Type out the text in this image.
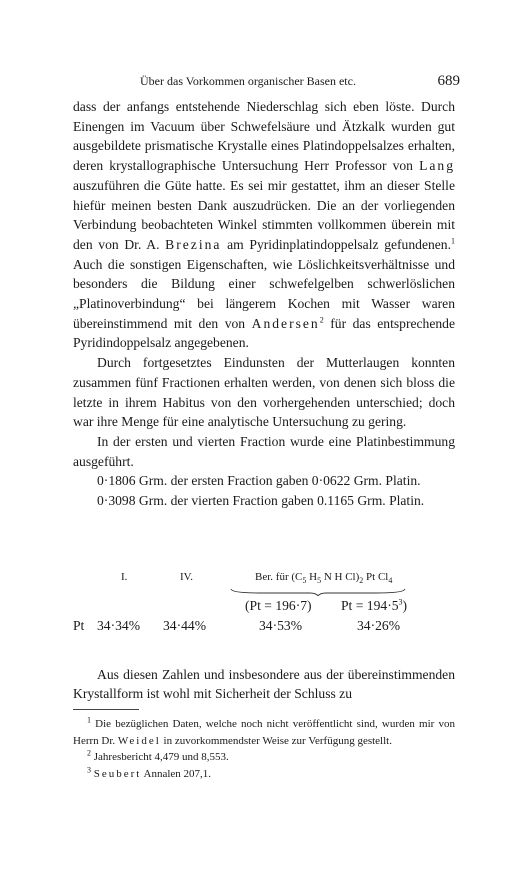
Über das Vorkommen organischer Basen etc.	689

dass der anfangs entstehende Niederschlag sich eben löste. Durch Einengen im Vacuum über Schwefelsäure und Ätzkalk wurden gut ausgebildete prismatische Krystalle eines Platindoppelsalzes erhalten, deren krystallographische Untersuchung Herr Professor von Lang auszuführen die Güte hatte. Es sei mir gestattet, ihm an dieser Stelle hiefür meinen besten Dank auszudrücken. Die an der vorliegenden Verbindung beobachteten Winkel stimmten vollkommen überein mit den von Dr. A. Brezina am Pyridinplatindoppelsalz gefundenen.$^1$ Auch die sonstigen Eigenschaften, wie Löslichkeitsverhältnisse und besonders die Bildung einer schwefelgelben schwerlöslichen „Platinoverbindung“ bei längerem Kochen mit Wasser waren übereinstimmend mit den von Andersen$^2$ für das entsprechende Pyridindoppelsalz angegebenen.

Durch fortgesetztes Eindunsten der Mutterlaugen konnten zusammen fünf Fractionen erhalten werden, von denen sich bloss die letzte in ihrem Habitus von den vorhergehenden unterschied; doch war ihre Menge für eine analytische Untersuchung zu gering.

In der ersten und vierten Fraction wurde eine Platinbestimmung ausgeführt.

0·1806 Grm. der ersten Fraction gaben 0·0622 Grm. Platin.

0·3098 Grm. der vierten Fraction gaben 0.1165 Grm. Platin.

I.	IV.	Ber. für ($C_5$ $H_5$ N H $Cl)_2$ Pt $Cl_4$
(Pt = 196·7) $Pt = 194\cdot 5^3$)
Pt 34·34% 34·44%	34·53%	34·26%

Aus diesen Zahlen und insbesondere aus der übereinstimmenden Krystallform ist wohl mit Sicherheit der Schluss zu

$^1$ Die bezüglichen Daten, welche noch nicht veröffentlicht sind, wurden mir von Herrn Dr. Weidel in zuvorkommendster Weise zur Verfügung gestellt.

$^2$ Jahresbericht 4,479 und 8,553.

$^3$ Seubert Annalen 207,1.
